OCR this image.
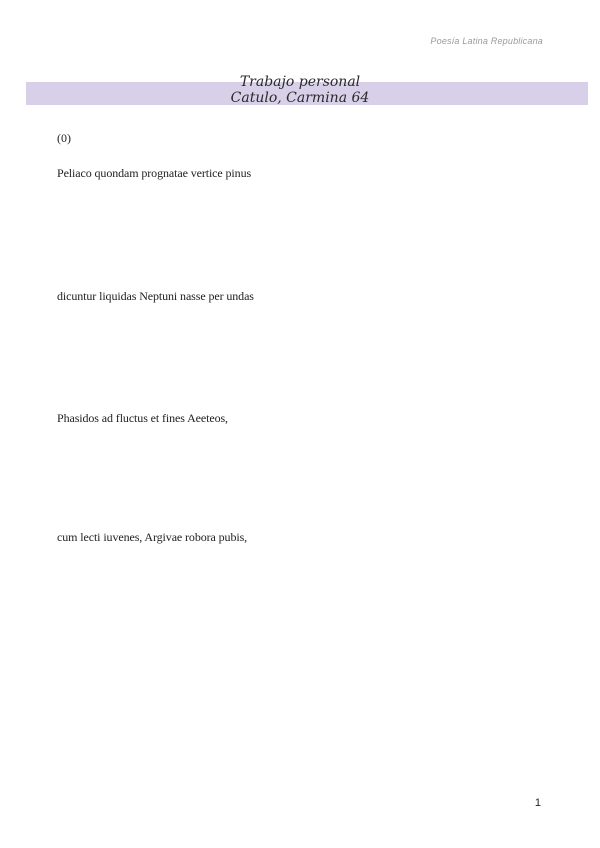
Poesía Latina Republicana
Trabajo personal
Catulo, Carmina 64
(0)
Peliaco quondam prognatae vertice pinus
dicuntur liquidas Neptuni nasse per undas
Phasidos ad fluctus et fines Aeeteos,
cum lecti iuvenes, Argivae robora pubis,
1
